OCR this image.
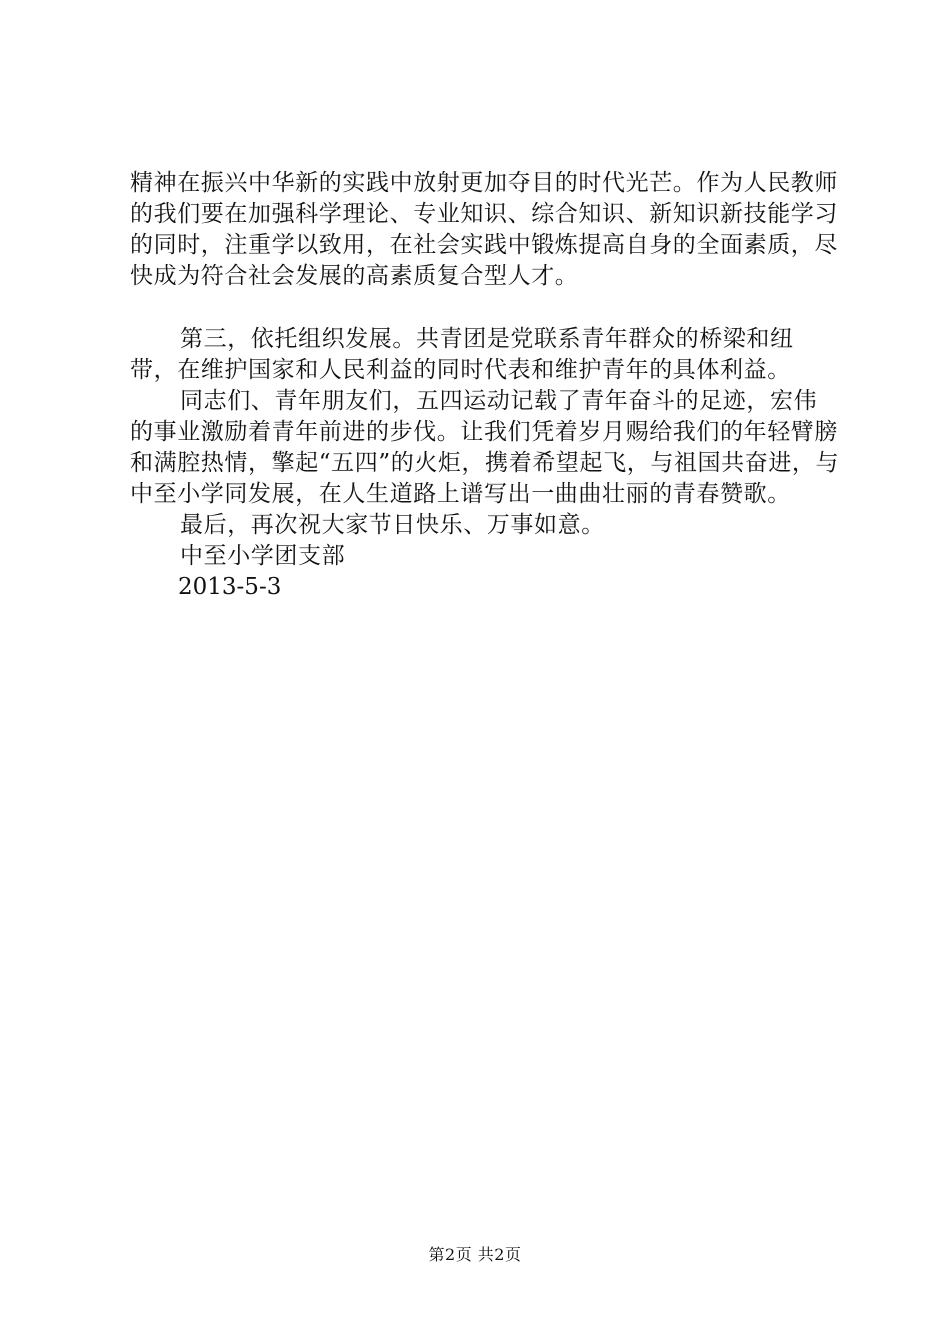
精神在振兴中华新的实践中放射更加夺目的时代光芒。作为人民教师的我们要在加强科学理论、专业知识、综合知识、新知识新技能学习的同时，注重学以致用，在社会实践中锻炼提高自身的全面素质，尽快成为符合社会发展的高素质复合型人才。

第三，依托组织发展。共青团是党联系青年群众的桥梁和纽带，在维护国家和人民利益的同时代表和维护青年的具体利益。

同志们、青年朋友们，五四运动记载了青年奋斗的足迹，宏伟的事业激励着青年前进的步伐。让我们凭着岁月赐给我们的年轻臂膀和满腔热情，擎起“五四”的火炬，携着希望起飞，与祖国共奋进，与中至小学同发展，在人生道路上谱写出一曲曲壮丽的青春赞歌。

最后，再次祝大家节日快乐、万事如意。

中至小学团支部

2013-5-3

第2页 共2页
